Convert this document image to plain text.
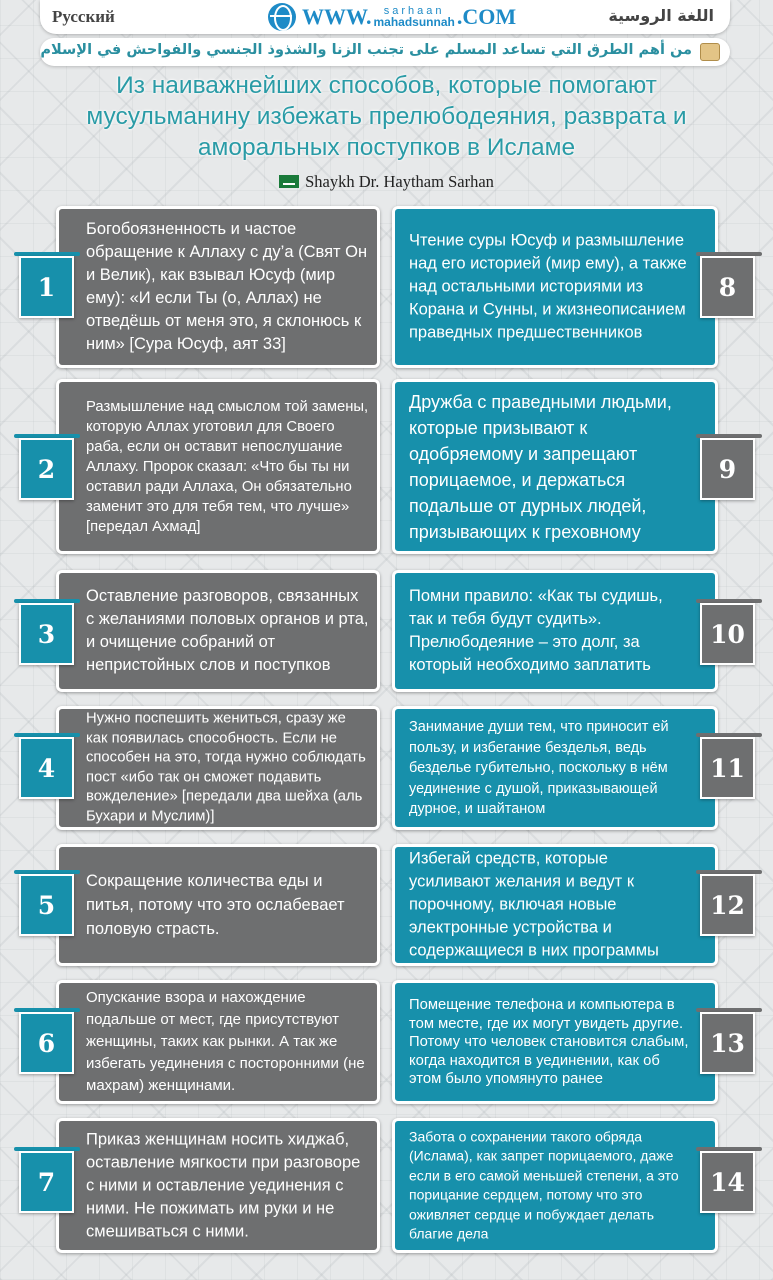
Русский	WWW. sarhaan
mahadsunnah .COM	اللغة الروسية
من أهم الطرق التي تساعد المسلم على تجنب الزنا والشذوذ الجنسي والفواحش في الإسلام
Из наиважнейших способов, которые помогают мусульманину избежать прелюбодеяния, разврата и аморальных поступков в Исламе
Shaykh Dr. Haytham Sarhan
Богобоязненность и частое обращение к Аллаху с ду’а (Свят Он и Велик), как взывал Юсуф (мир ему): «И если Ты (о, Аллах) не отведёшь от меня это, я склонюсь к ним» [Сура Юсуф, аят 33]
1
Размышление над смыслом той замены, которую Аллах уготовил для Своего раба, если он оставит непослушание Аллаху. Пророк сказал: «Что бы ты ни оставил ради Аллаха, Он обязательно заменит это для тебя тем, что лучше» [передал Ахмад]
2
Оставление разговоров, связанных с желаниями половых органов и рта, и очищение собраний от непристойных слов и поступков
3
Нужно поспешить жениться, сразу же как появилась способность. Если не способен на это, тогда нужно соблюдать пост «ибо так он сможет подавить вожделение» [передали два шейха (аль Бухари и Муслим)]
4
Сокращение количества еды и питья, потому что это ослабевает половую страсть.
5
Опускание взора и нахождение подальше от мест, где присутствуют женщины, таких как рынки. А так же избегать уединения с посторонними (не махрам) женщинами.
6
Приказ женщинам носить хиджаб, оставление мягкости при разговоре с ними и оставление уединения с ними. Не пожимать им руки и не смешиваться с ними.
7
Чтение суры Юсуф и размышление над его историей (мир ему), а также над остальными историями из Корана и Сунны, и жизнеописанием праведных предшественников
8
Дружба с праведными людьми, которые призывают к одобряемому и запрещают порицаемое, и держаться подальше от дурных людей, призывающих к греховному
9
Помни правило: «Как ты судишь, так и тебя будут судить». Прелюбодеяние – это долг, за который необходимо заплатить
10
Занимание души тем, что приносит ей пользу, и избегание безделья, ведь безделье губительно, поскольку в нём уединение с душой, приказывающей дурное, и шайтаном
11
Избегай средств, которые усиливают желания и ведут к порочному, включая новые электронные устройства и содержащиеся в них программы
12
Помещение телефона и компьютера в том месте, где их могут увидеть другие. Потому что человек становится слабым, когда находится в уединении, как об этом было упомянуто ранее
13
Забота о сохранении такого обряда (Ислама), как запрет порицаемого, даже если в его самой меньшей степени, а это порицание сердцем, потому что это оживляет сердце и побуждает делать благие дела
14
